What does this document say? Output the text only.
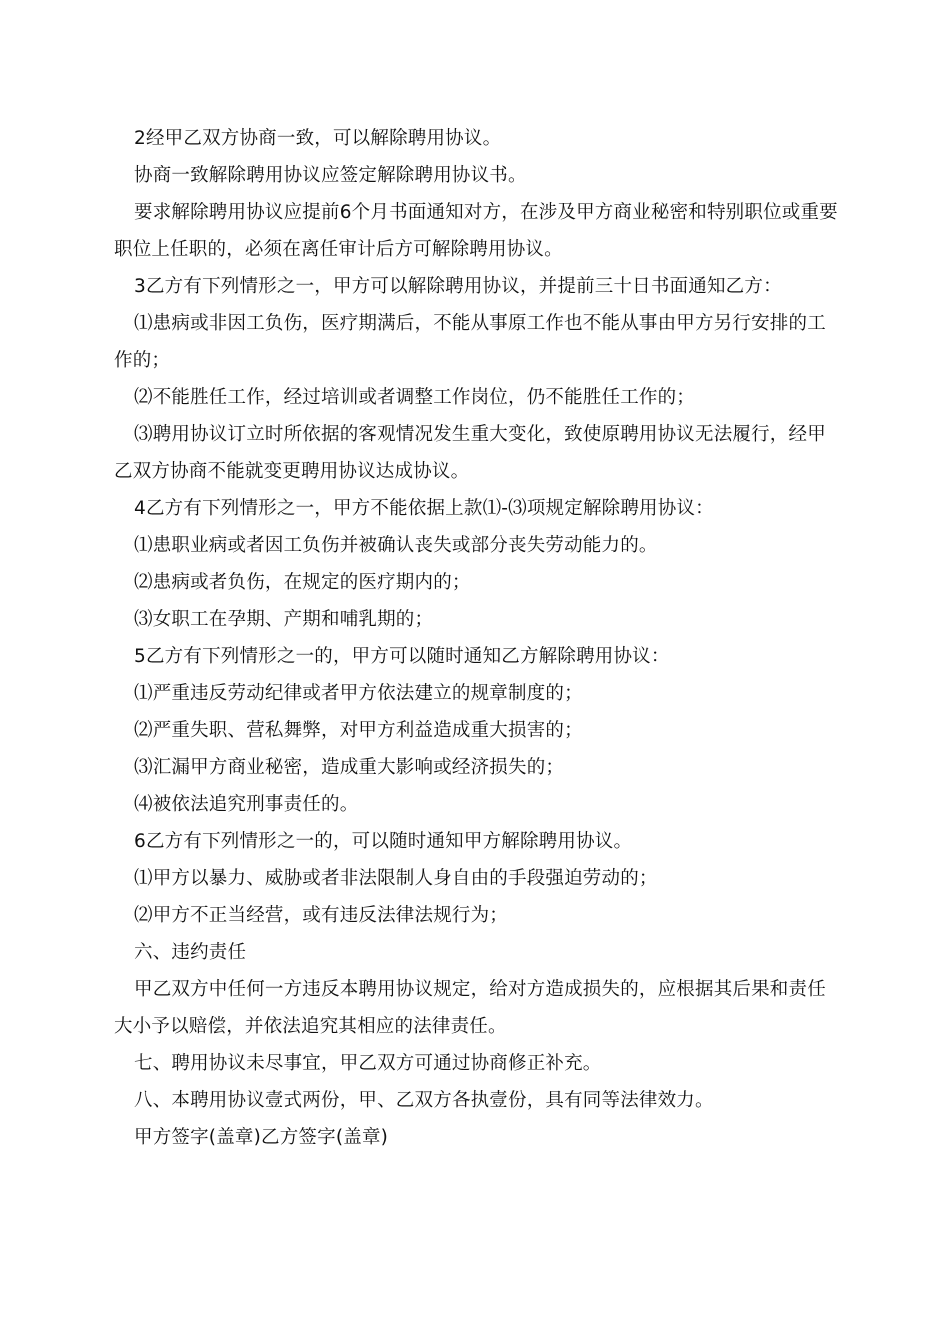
2经甲乙双方协商一致，可以解除聘用协议。

协商一致解除聘用协议应签定解除聘用协议书。

要求解除聘用协议应提前6个月书面通知对方，在涉及甲方商业秘密和特别职位或重要职位上任职的，必须在离任审计后方可解除聘用协议。

3乙方有下列情形之一，甲方可以解除聘用协议，并提前三十日书面通知乙方：

⑴患病或非因工负伤，医疗期满后，不能从事原工作也不能从事由甲方另行安排的工作的；

⑵不能胜任工作，经过培训或者调整工作岗位，仍不能胜任工作的；

⑶聘用协议订立时所依据的客观情况发生重大变化，致使原聘用协议无法履行，经甲乙双方协商不能就变更聘用协议达成协议。

4乙方有下列情形之一，甲方不能依据上款⑴-⑶项规定解除聘用协议：

⑴患职业病或者因工负伤并被确认丧失或部分丧失劳动能力的。

⑵患病或者负伤，在规定的医疗期内的；

⑶女职工在孕期、产期和哺乳期的；

5乙方有下列情形之一的，甲方可以随时通知乙方解除聘用协议：

⑴严重违反劳动纪律或者甲方依法建立的规章制度的；

⑵严重失职、营私舞弊，对甲方利益造成重大损害的；

⑶汇漏甲方商业秘密，造成重大影响或经济损失的；

⑷被依法追究刑事责任的。

6乙方有下列情形之一的，可以随时通知甲方解除聘用协议。

⑴甲方以暴力、威胁或者非法限制人身自由的手段强迫劳动的；

⑵甲方不正当经营，或有违反法律法规行为；

六、违约责任

甲乙双方中任何一方违反本聘用协议规定，给对方造成损失的，应根据其后果和责任大小予以赔偿，并依法追究其相应的法律责任。

七、聘用协议未尽事宜，甲乙双方可通过协商修正补充。

八、本聘用协议壹式两份，甲、乙双方各执壹份，具有同等法律效力。

甲方签字(盖章)乙方签字(盖章)
